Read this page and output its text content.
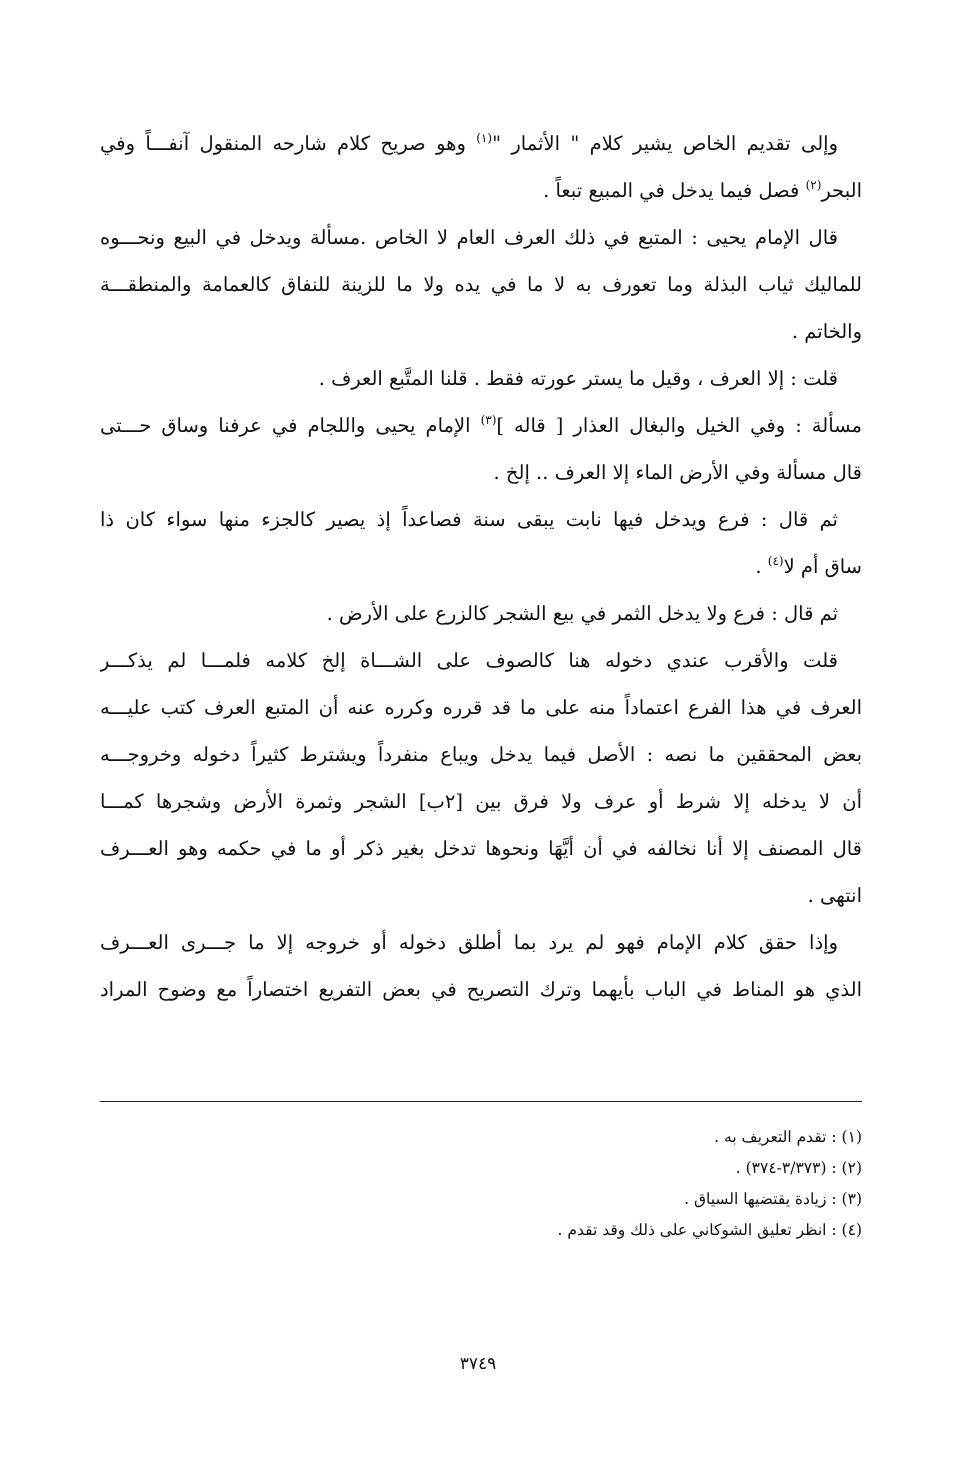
وإلى تقديم الخاص يشير كلام " الأثمار "$^{(١)}$ وهو صريح كلام شارحه المنقول آنفـــاً وفي
البحر$^{(٢)}$ فصل فيما يدخل في المبيع تبعاً .
قال الإمام يحيى : المتبع في ذلك العرف العام لا الخاص .مسألة ويدخل في البيع ونحـــوه
للماليك ثياب البذلة وما تعورف به لا ما في يده ولا ما للزينة للنفاق كالعمامة والمنطقـــة
والخاتم .
قلت : إلا العرف ، وقيل ما يستر عورته فقط . قلنا المتَّبع العرف .
مسألة : وفي الخيل والبغال العذار [ قاله ]$^{(٣)}$ الإمام يحيى واللجام في عرفنا وساق حـــتى
قال مسألة وفي الأرض الماء إلا العرف .. إلخ .
ثم قال : فرع ويدخل فيها نابت يبقى سنة فصاعداً إذ يصير كالجزء منها سواء كان ذا
ساق أم لا$^{(٤)}$ .
ثم قال : فرع ولا يدخل الثمر في بيع الشجر كالزرع على الأرض .
قلت والأقرب عندي دخوله هنا كالصوف على الشـــاة إلخ كلامه فلمـــا لم يذكـــر
العرف في هذا الفرع اعتماداً منه على ما قد قرره وكرره عنه أن المتبع العرف كتب عليـــه
بعض المحققين ما نصه : الأصل فيما يدخل ويباع منفرداً ويشترط كثيراً دخوله وخروجـــه
أن لا يدخله إلا شرط أو عرف ولا فرق بين [٢ب] الشجر وثمرة الأرض وشجرها كمـــا
قال المصنف إلا أنا نخالفه في أن أيَّهَا ونحوها تدخل بغير ذكر أو ما في حكمه وهو العـــرف
انتهى .
وإذا حقق كلام الإمام فهو لم يرد بما أطلق دخوله أو خروجه إلا ما جـــرى العـــرف
الذي هو المناط في الباب بأيهما وترك التصريح في بعض التفريع اختصاراً مع وضوح المراد
(١) : تقدم التعريف به .
(٢) : (٣/٣٧٣-٣٧٤) .
(٣) : زيادة يقتضيها السياق .
(٤) : انظر تعليق الشوكاني على ذلك وقد تقدم .
٣٧٤٩
